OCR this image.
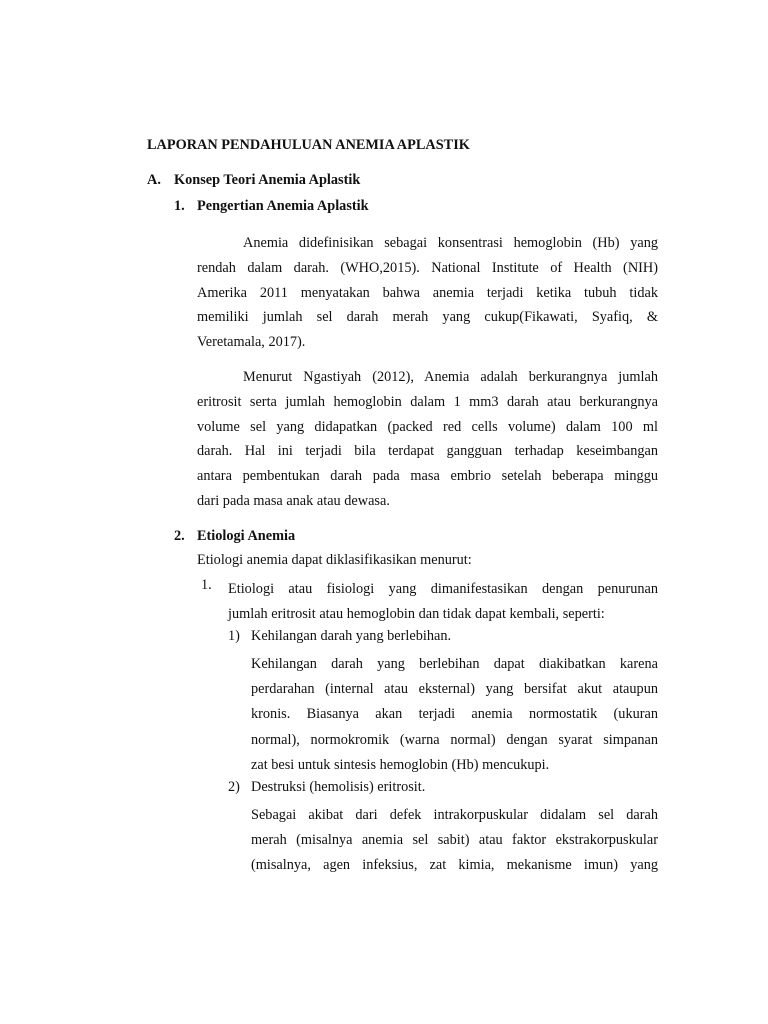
LAPORAN PENDAHULUAN ANEMIA APLASTIK
A. Konsep Teori Anemia Aplastik
1. Pengertian Anemia Aplastik

Anemia didefinisikan sebagai konsentrasi hemoglobin (Hb) yang
rendah dalam darah. (WHO,2015). National Institute of Health (NIH)
Amerika 2011 menyatakan bahwa anemia terjadi ketika tubuh tidak
memiliki jumlah sel darah merah yang cukup(Fikawati, Syafiq, &
Veretamala, 2017).

Menurut Ngastiyah (2012), Anemia adalah berkurangnya jumlah
eritrosit serta jumlah hemoglobin dalam 1 mm3 darah atau berkurangnya
volume sel yang didapatkan (packed red cells volume) dalam 100 ml
darah. Hal ini terjadi bila terdapat gangguan terhadap keseimbangan
antara pembentukan darah pada masa embrio setelah beberapa minggu
dari pada masa anak atau dewasa.

2. Etiologi Anemia
Etiologi anemia dapat diklasifikasikan menurut:
1. Etiologi atau fisiologi yang dimanifestasikan dengan penurunan
jumlah eritrosit atau hemoglobin dan tidak dapat kembali, seperti:

1) Kehilangan darah yang berlebihan.

Kehilangan darah yang berlebihan dapat diakibatkan karena
perdarahan (internal atau eksternal) yang bersifat akut ataupun
kronis. Biasanya akan terjadi anemia normostatik (ukuran
normal), normokromik (warna normal) dengan syarat simpanan
zat besi untuk sintesis hemoglobin (Hb) mencukupi.

2) Destruksi (hemolisis) eritrosit.

Sebagai akibat dari defek intrakorpuskular didalam sel darah
merah (misalnya anemia sel sabit) atau faktor ekstrakorpuskular
(misalnya, agen infeksius, zat kimia, mekanisme imun) yang
